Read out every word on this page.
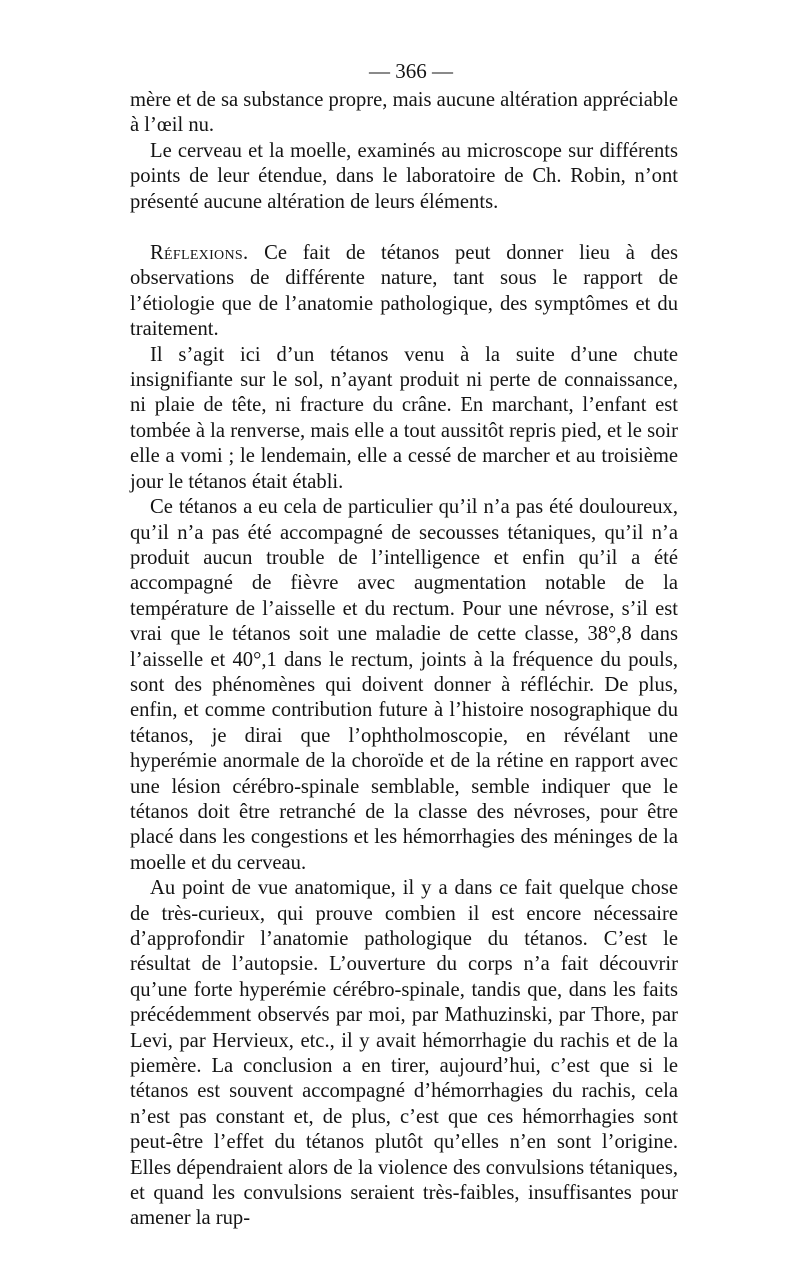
— 366 —

mère et de sa substance propre, mais aucune altération appréciable à l’œil nu.

Le cerveau et la moelle, examinés au microscope sur différents points de leur étendue, dans le laboratoire de Ch. Robin, n’ont présenté aucune altération de leurs éléments.

Réflexions. Ce fait de tétanos peut donner lieu à des observations de différente nature, tant sous le rapport de l’étiologie que de l’anatomie pathologique, des symptômes et du traitement.

Il s’agit ici d’un tétanos venu à la suite d’une chute insignifiante sur le sol, n’ayant produit ni perte de connaissance, ni plaie de tête, ni fracture du crâne. En marchant, l’enfant est tombée à la renverse, mais elle a tout aussitôt repris pied, et le soir elle a vomi ; le lendemain, elle a cessé de marcher et au troisième jour le tétanos était établi.

Ce tétanos a eu cela de particulier qu’il n’a pas été douloureux, qu’il n’a pas été accompagné de secousses tétaniques, qu’il n’a produit aucun trouble de l’intelligence et enfin qu’il a été accompagné de fièvre avec augmentation notable de la température de l’aisselle et du rectum. Pour une névrose, s’il est vrai que le tétanos soit une maladie de cette classe, 38°,8 dans l’aisselle et 40°,1 dans le rectum, joints à la fréquence du pouls, sont des phénomènes qui doivent donner à réfléchir. De plus, enfin, et comme contribution future à l’histoire nosographique du tétanos, je dirai que l’ophtholmoscopie, en révélant une hyperémie anormale de la choroïde et de la rétine en rapport avec une lésion cérébro-spinale semblable, semble indiquer que le tétanos doit être retranché de la classe des névroses, pour être placé dans les congestions et les hémorrhagies des méninges de la moelle et du cerveau.

Au point de vue anatomique, il y a dans ce fait quelque chose de très-curieux, qui prouve combien il est encore nécessaire d’approfondir l’anatomie pathologique du tétanos. C’est le résultat de l’autopsie. L’ouverture du corps n’a fait découvrir qu’une forte hyperémie cérébro-spinale, tandis que, dans les faits précédemment observés par moi, par Mathuzinski, par Thore, par Levi, par Hervieux, etc., il y avait hémorrhagie du rachis et de la piemère. La conclusion a en tirer, aujourd’hui, c’est que si le tétanos est souvent accompagné d’hémorrhagies du rachis, cela n’est pas constant et, de plus, c’est que ces hémorrhagies sont peut-être l’effet du tétanos plutôt qu’elles n’en sont l’origine. Elles dépendraient alors de la violence des convulsions tétaniques, et quand les convulsions seraient très-faibles, insuffisantes pour amener la rup-
